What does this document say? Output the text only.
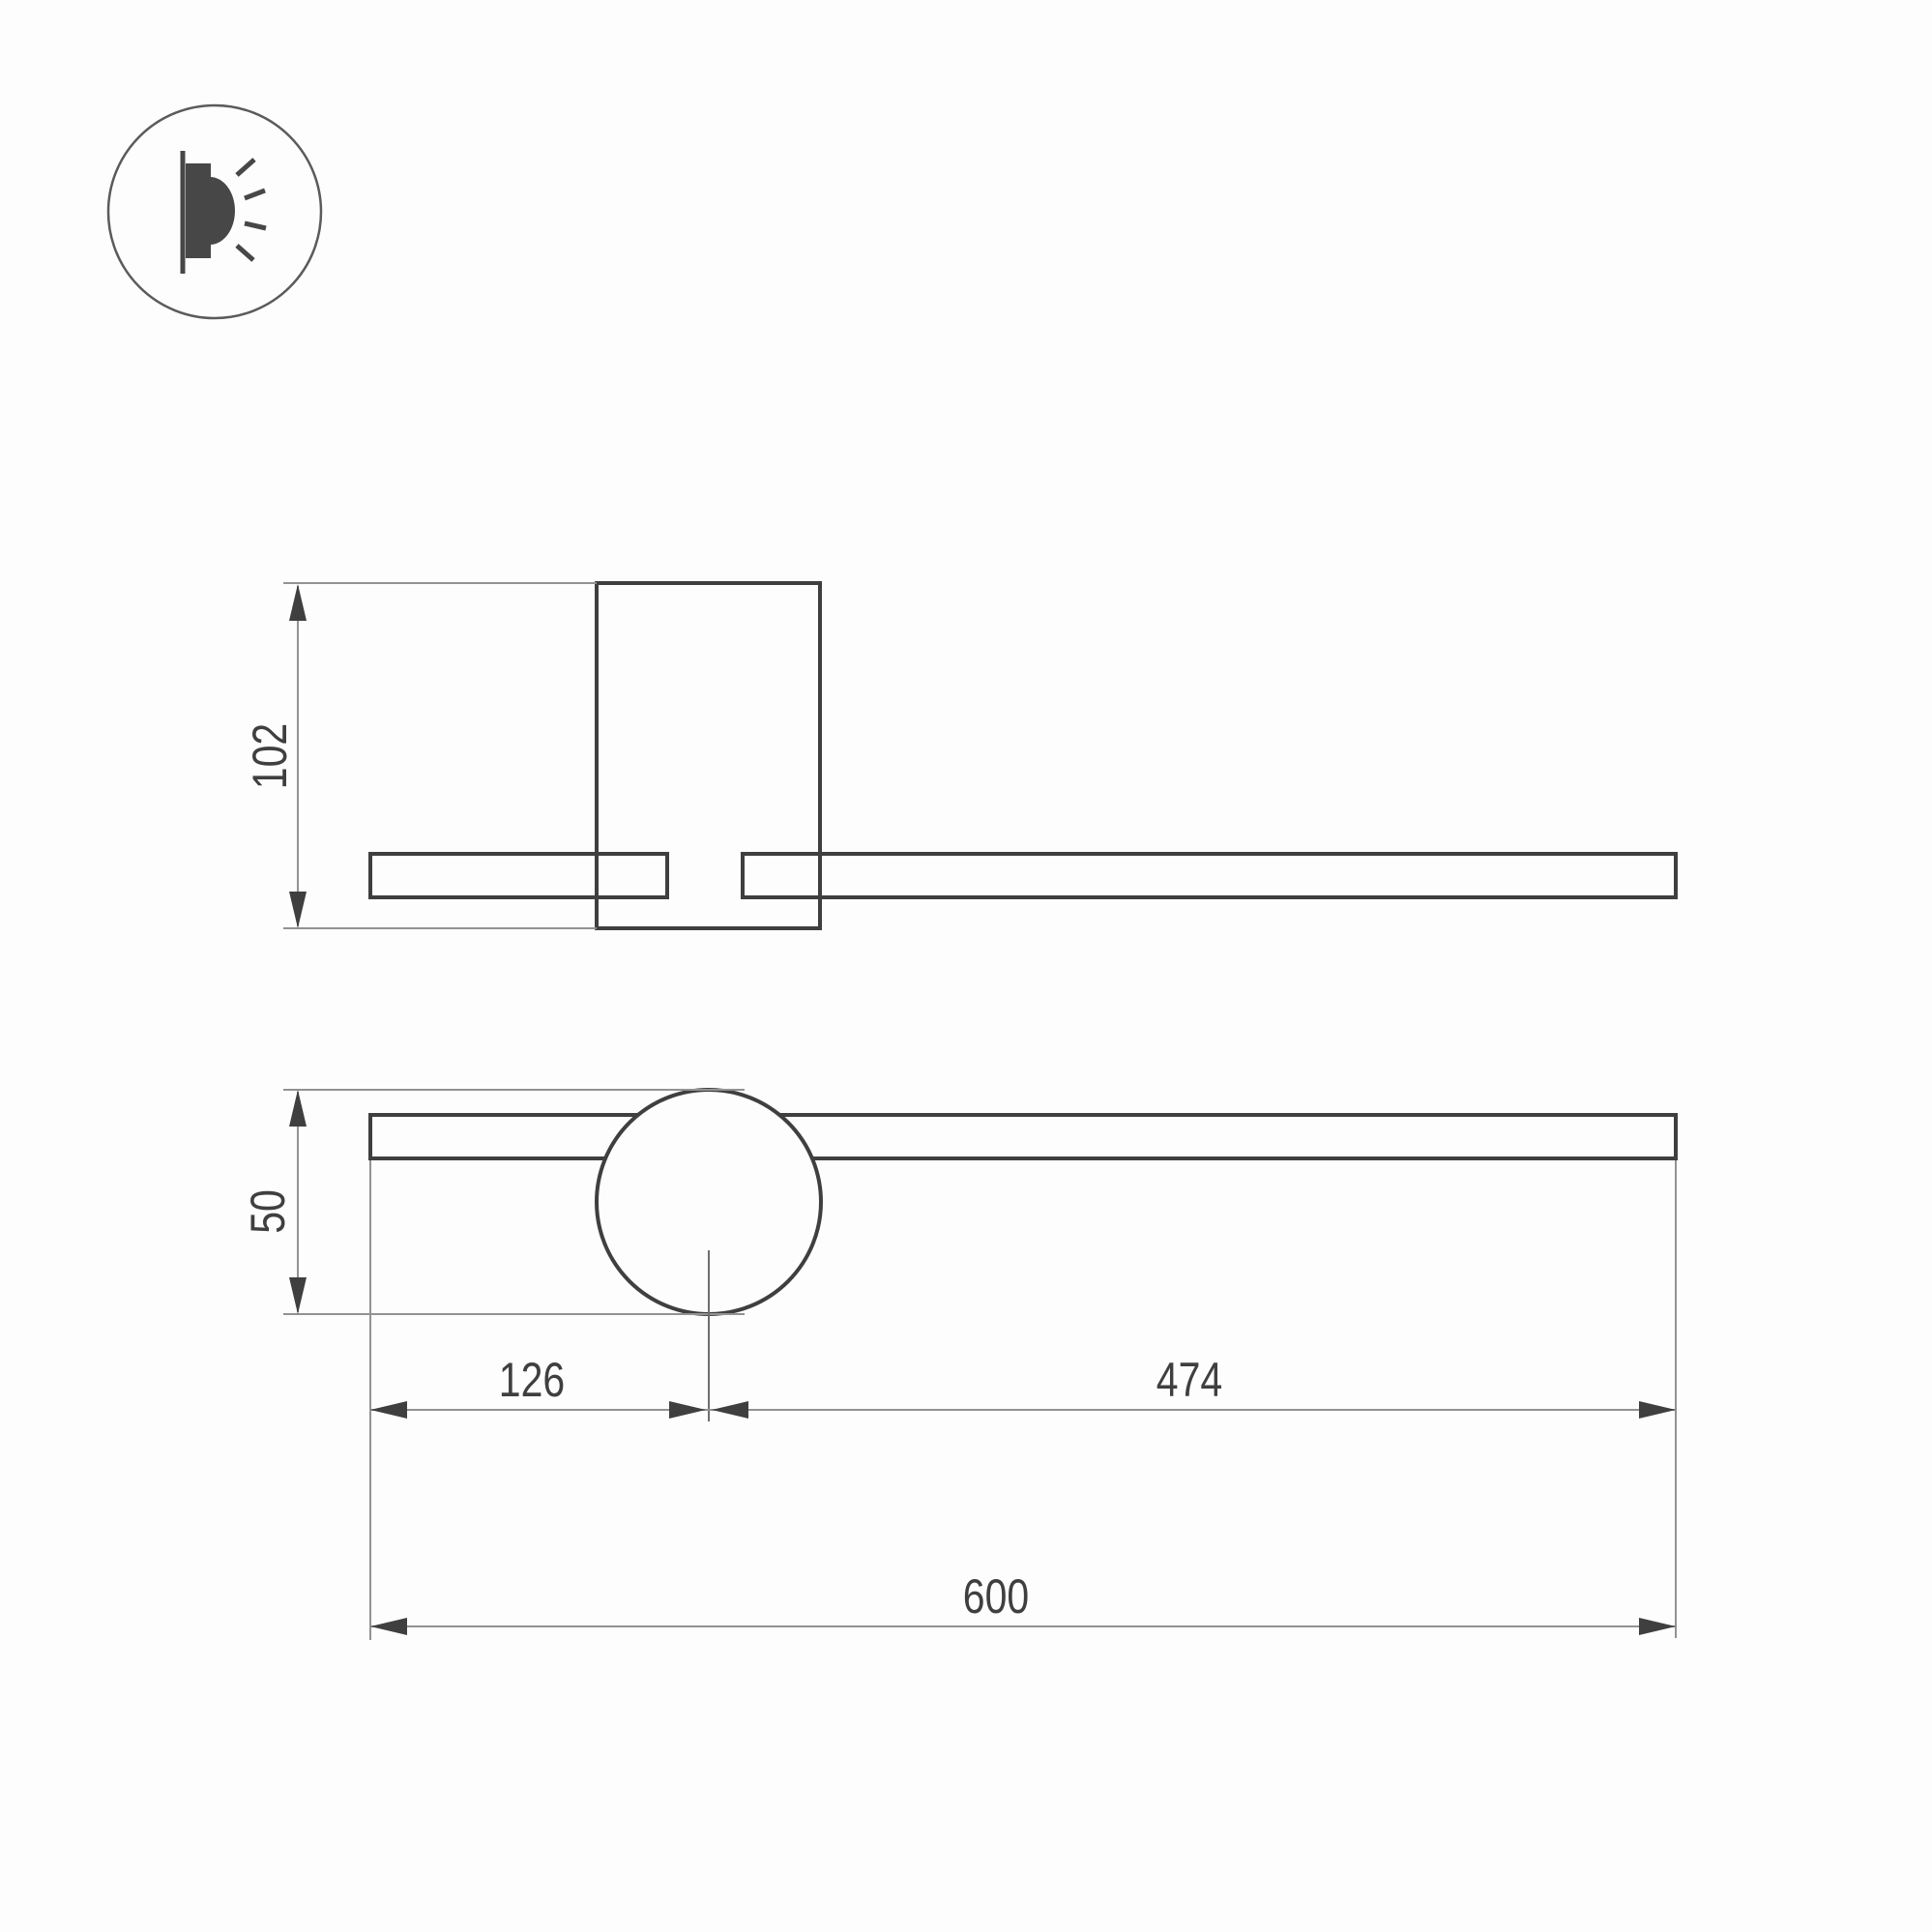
102
50
126	474
600
